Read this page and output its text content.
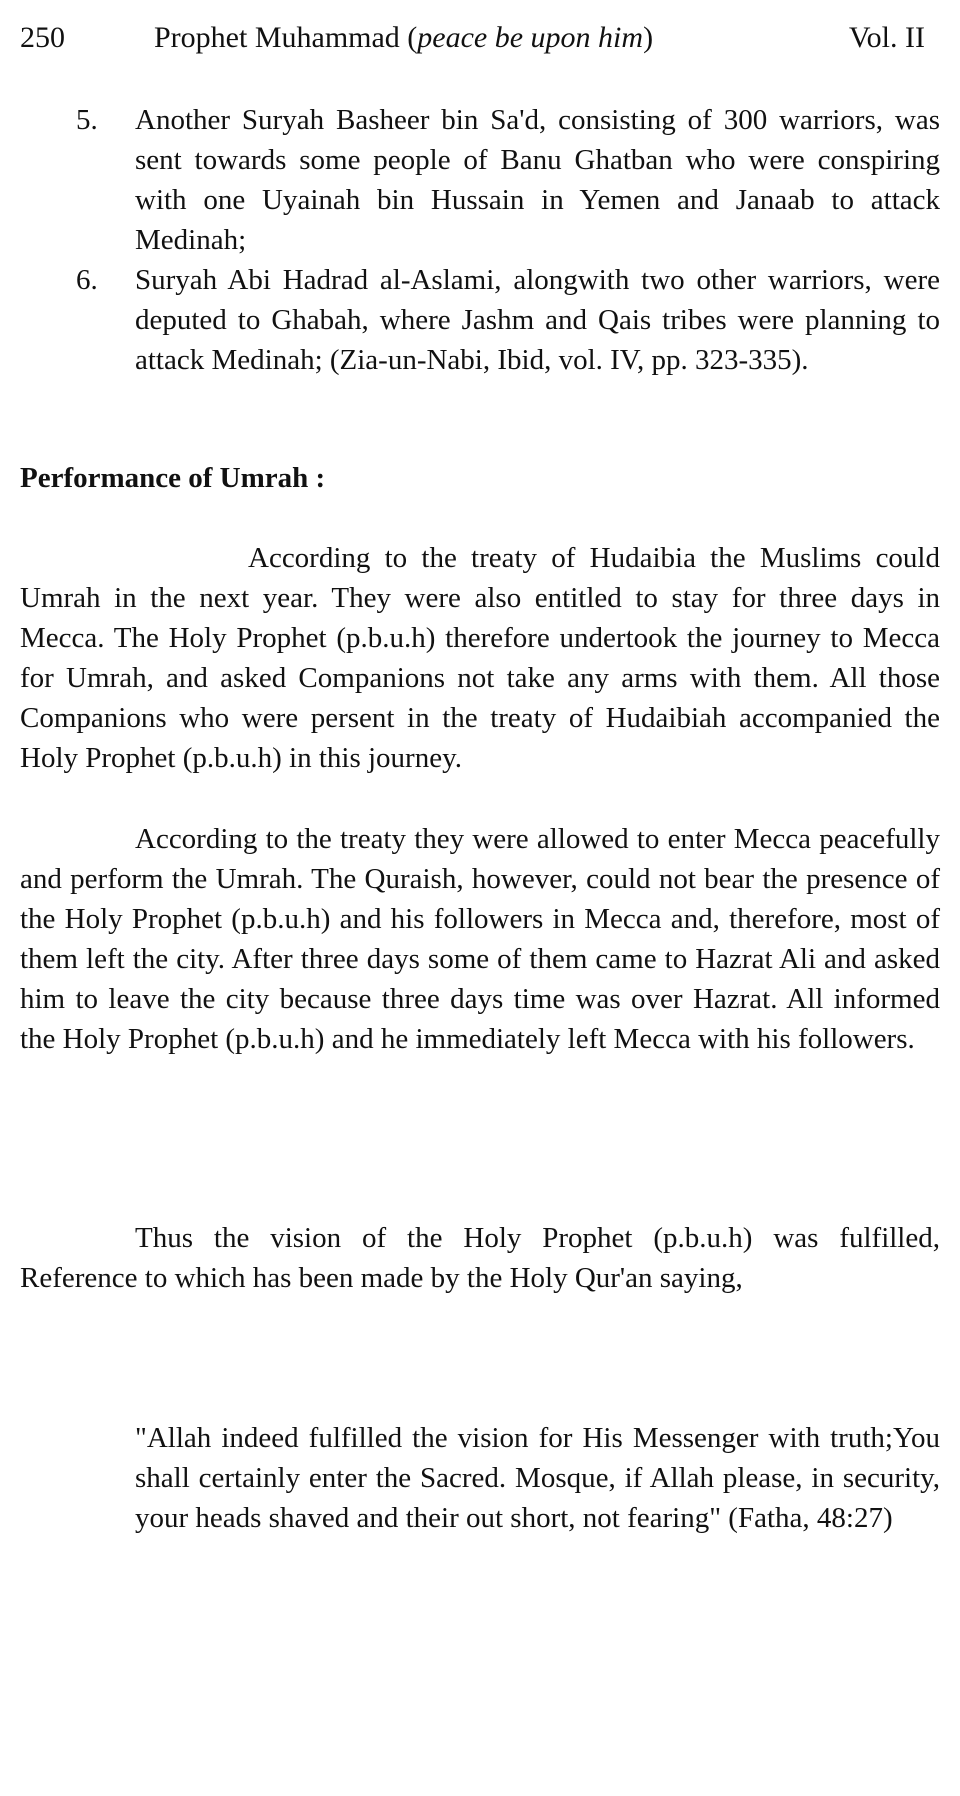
250	Prophet Muhammad (peace be upon him)	Vol. II

5. Another Suryah Basheer bin Sa'd, consisting of 300 warriors, was sent towards some people of Banu Ghatban who were conspiring with one Uyainah bin Hussain in Yemen and Janaab to attack Medinah;

6. Suryah Abi Hadrad al-Aslami, alongwith two other warriors, were deputed to Ghabah, where Jashm and Qais tribes were planning to attack Medinah; (Zia-un-Nabi, Ibid, vol. IV, pp. 323-335).

Performance of Umrah :

According to the treaty of Hudaibia the Muslims could Umrah in the next year. They were also entitled to stay for three days in Mecca. The Holy Prophet (p.b.u.h) therefore undertook the journey to Mecca for Umrah, and asked Companions not take any arms with them. All those Companions who were persent in the treaty of Hudaibiah accompanied the Holy Prophet (p.b.u.h) in this journey.

According to the treaty they were allowed to enter Mecca peacefully and perform the Umrah. The Quraish, however, could not bear the presence of the Holy Prophet (p.b.u.h) and his followers in Mecca and, therefore, most of them left the city. After three days some of them came to Hazrat Ali and asked him to leave the city because three days time was over Hazrat. All informed the Holy Prophet (p.b.u.h) and he immediately left Mecca with his followers.

Thus the vision of the Holy Prophet (p.b.u.h) was fulfilled, Reference to which has been made by the Holy Qur'an saying,

"Allah indeed fulfilled the vision for His Messenger with truth;You shall certainly enter the Sacred. Mosque, if Allah please, in security, your heads shaved and their out short, not fearing" (Fatha, 48:27)
